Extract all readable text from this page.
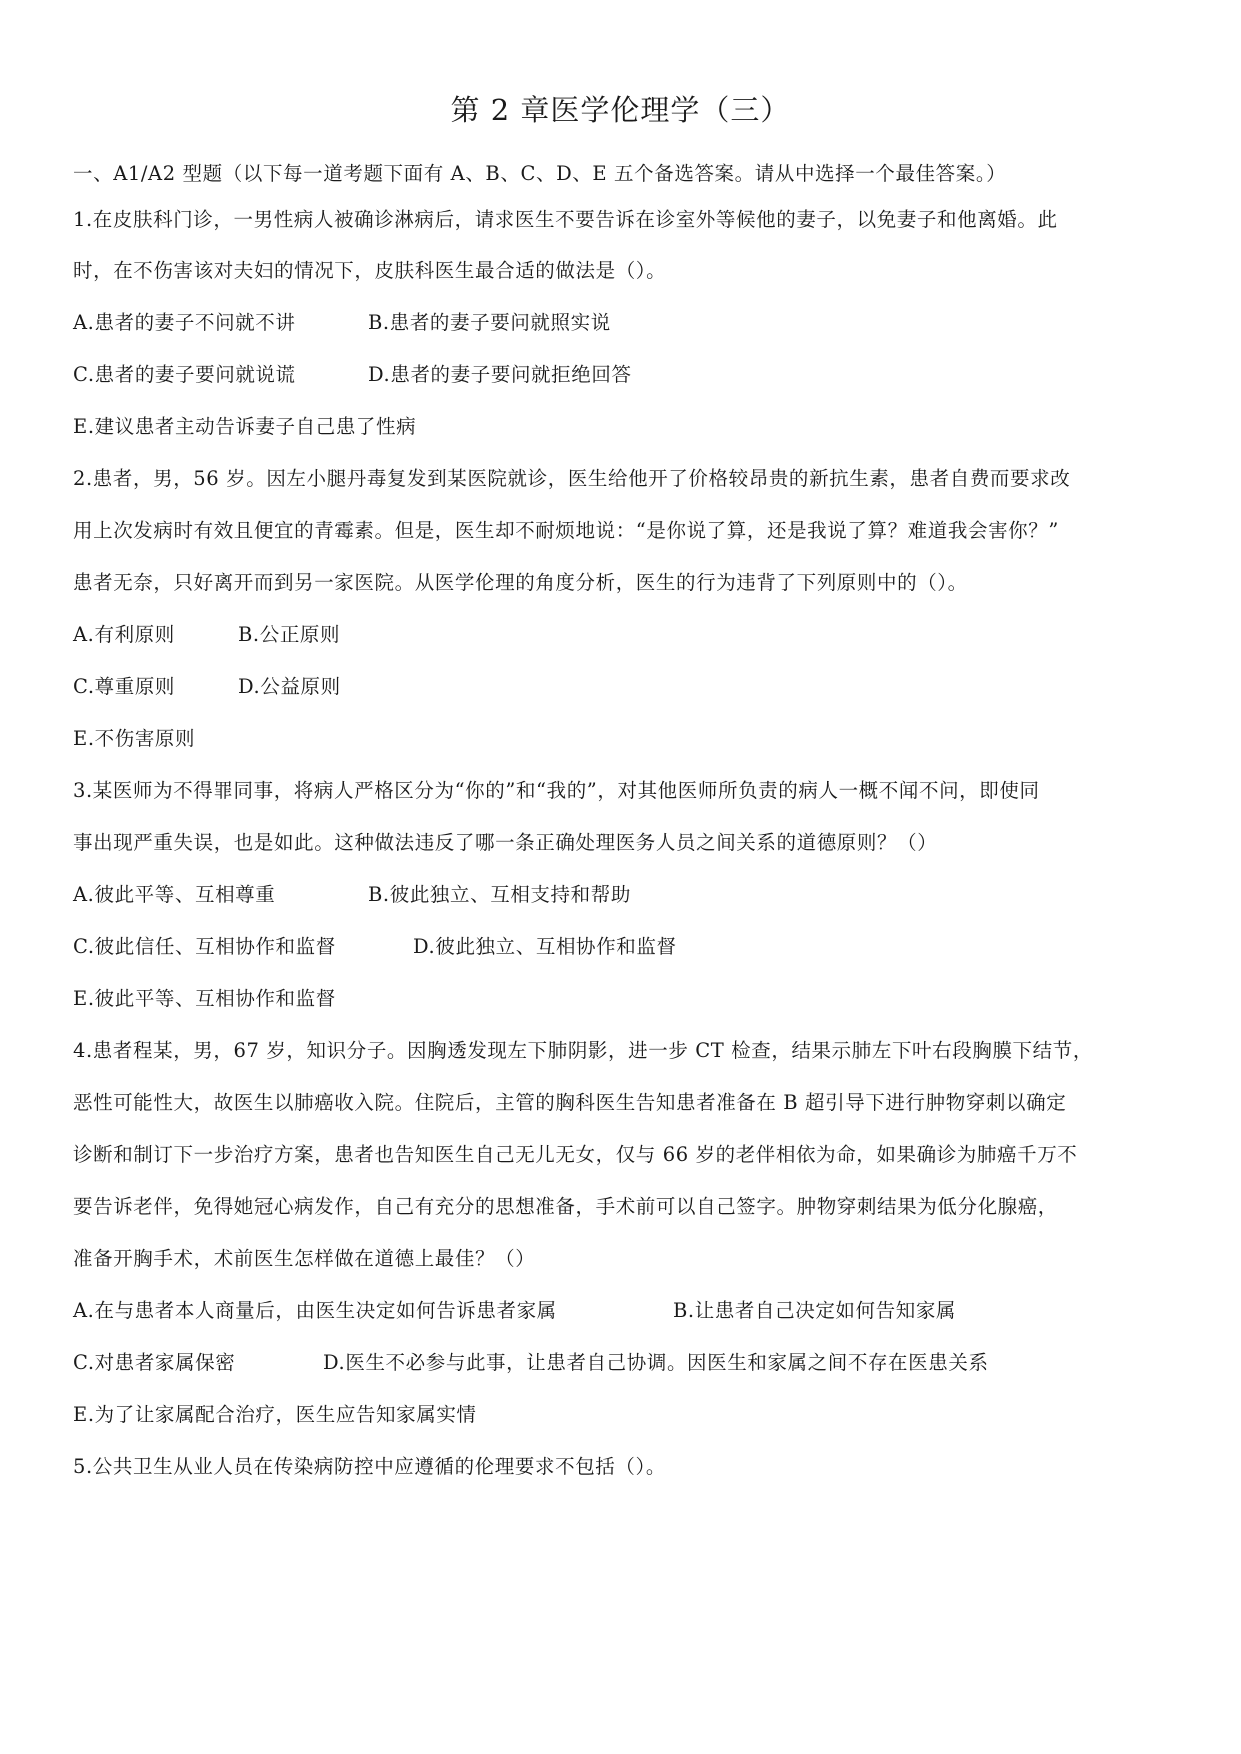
第 2 章医学伦理学（三）
一、A1/A2 型题（以下每一道考题下面有 A、B、C、D、E 五个备选答案。请从中选择一个最佳答案。）
1.在皮肤科门诊，一男性病人被确诊淋病后，请求医生不要告诉在诊室外等候他的妻子，以免妻子和他离婚。此
时，在不伤害该对夫妇的情况下，皮肤科医生最合适的做法是（）。
A.患者的妻子不问就不讲	B.患者的妻子要问就照实说
C.患者的妻子要问就说谎	D.患者的妻子要问就拒绝回答
E.建议患者主动告诉妻子自己患了性病
2.患者，男，56 岁。因左小腿丹毒复发到某医院就诊，医生给他开了价格较昂贵的新抗生素，患者自费而要求改
用上次发病时有效且便宜的青霉素。但是，医生却不耐烦地说：“是你说了算，还是我说了算？难道我会害你？”
患者无奈，只好离开而到另一家医院。从医学伦理的角度分析，医生的行为违背了下列原则中的（）。
A.有利原则	B.公正原则
C.尊重原则	D.公益原则
E.不伤害原则
3.某医师为不得罪同事，将病人严格区分为“你的”和“我的”，对其他医师所负责的病人一概不闻不问，即使同
事出现严重失误，也是如此。这种做法违反了哪一条正确处理医务人员之间关系的道德原则？（）
A.彼此平等、互相尊重	B.彼此独立、互相支持和帮助
C.彼此信任、互相协作和监督	D.彼此独立、互相协作和监督
E.彼此平等、互相协作和监督
4.患者程某，男，67 岁，知识分子。因胸透发现左下肺阴影，进一步 CT 检查，结果示肺左下叶右段胸膜下结节，
恶性可能性大，故医生以肺癌收入院。住院后，主管的胸科医生告知患者准备在 B 超引导下进行肿物穿刺以确定
诊断和制订下一步治疗方案，患者也告知医生自己无儿无女，仅与 66 岁的老伴相依为命，如果确诊为肺癌千万不
要告诉老伴，免得她冠心病发作，自己有充分的思想准备，手术前可以自己签字。肿物穿刺结果为低分化腺癌，
准备开胸手术，术前医生怎样做在道德上最佳？（）
A.在与患者本人商量后，由医生决定如何告诉患者家属	B.让患者自己决定如何告知家属
C.对患者家属保密	D.医生不必参与此事，让患者自己协调。因医生和家属之间不存在医患关系
E.为了让家属配合治疗，医生应告知家属实情
5.公共卫生从业人员在传染病防控中应遵循的伦理要求不包括（）。
